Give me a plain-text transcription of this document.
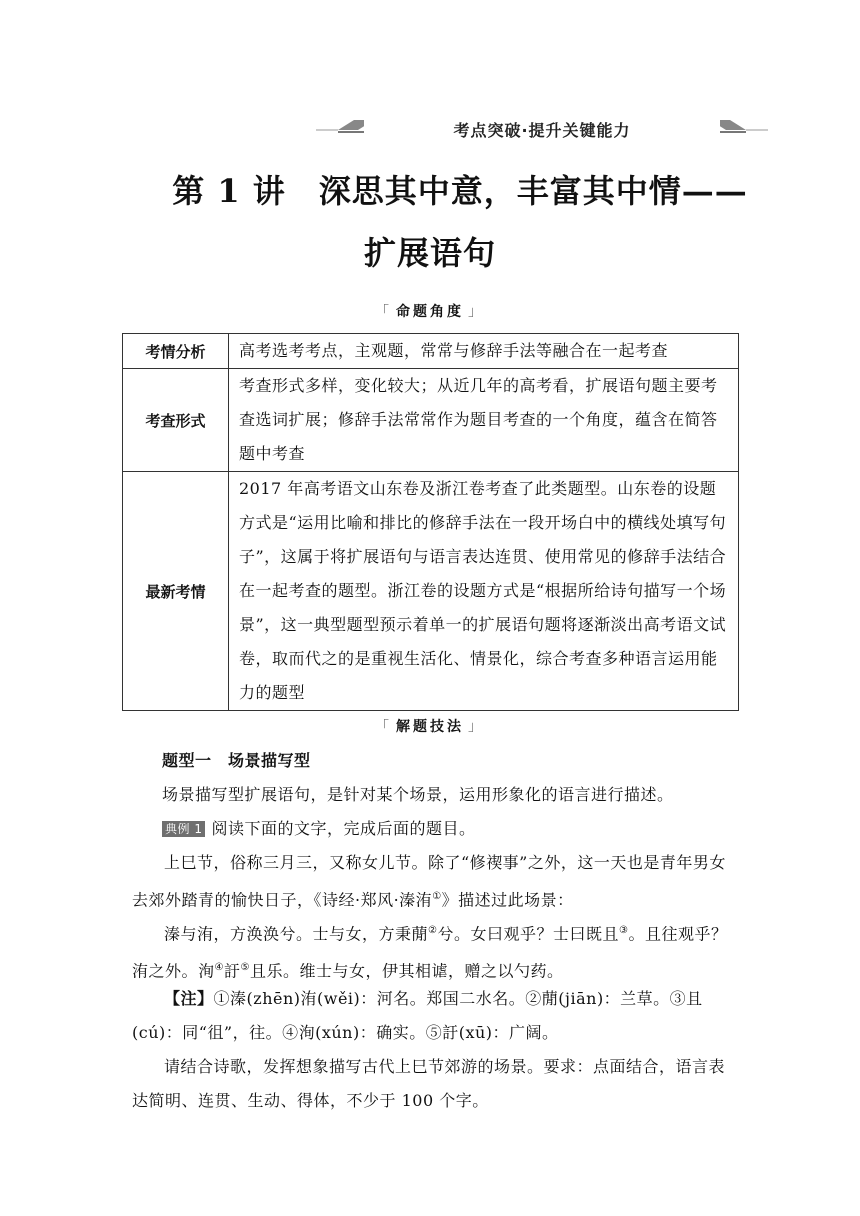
考点突破·提升关键能力
第 1 讲　深思其中意，丰富其中情——
扩展语句
「 命题角度 」
考情分析	高考选考考点，主观题，常常与修辞手法等融合在一起考查
考查形式	考查形式多样，变化较大；从近几年的高考看，扩展语句题主要考查选词扩展；修辞手法常常作为题目考查的一个角度，蕴含在简答题中考查
最新考情	2017 年高考语文山东卷及浙江卷考查了此类题型。山东卷的设题方式是“运用比喻和排比的修辞手法在一段开场白中的横线处填写句子”，这属于将扩展语句与语言表达连贯、使用常见的修辞手法结合在一起考查的题型。浙江卷的设题方式是“根据所给诗句描写一个场景”，这一典型题型预示着单一的扩展语句题将逐渐淡出高考语文试卷，取而代之的是重视生活化、情景化，综合考查多种语言运用能力的题型
「 解题技法 」
题型一　场景描写型
场景描写型扩展语句，是针对某个场景，运用形象化的语言进行描述。
典例 1 阅读下面的文字，完成后面的题目。
上巳节，俗称三月三，又称女儿节。除了“修禊事”之外，这一天也是青年男女去郊外踏青的愉快日子，《诗经·郑风·溱洧①》描述过此场景：
溱与洧，方涣涣兮。士与女，方秉蕑②兮。女曰观乎？士曰既且③。且往观乎？洧之外。洵④訏⑤且乐。维士与女，伊其相谑，赠之以勺药。
【注】①溱(zhēn)洧(wěi)：河名。郑国二水名。②蕑(jiān)：兰草。③且(cú)：同“徂”，往。④洵(xún)：确实。⑤訏(xū)：广阔。
请结合诗歌，发挥想象描写古代上巳节郊游的场景。要求：点面结合，语言表达简明、连贯、生动、得体，不少于 100 个字。
